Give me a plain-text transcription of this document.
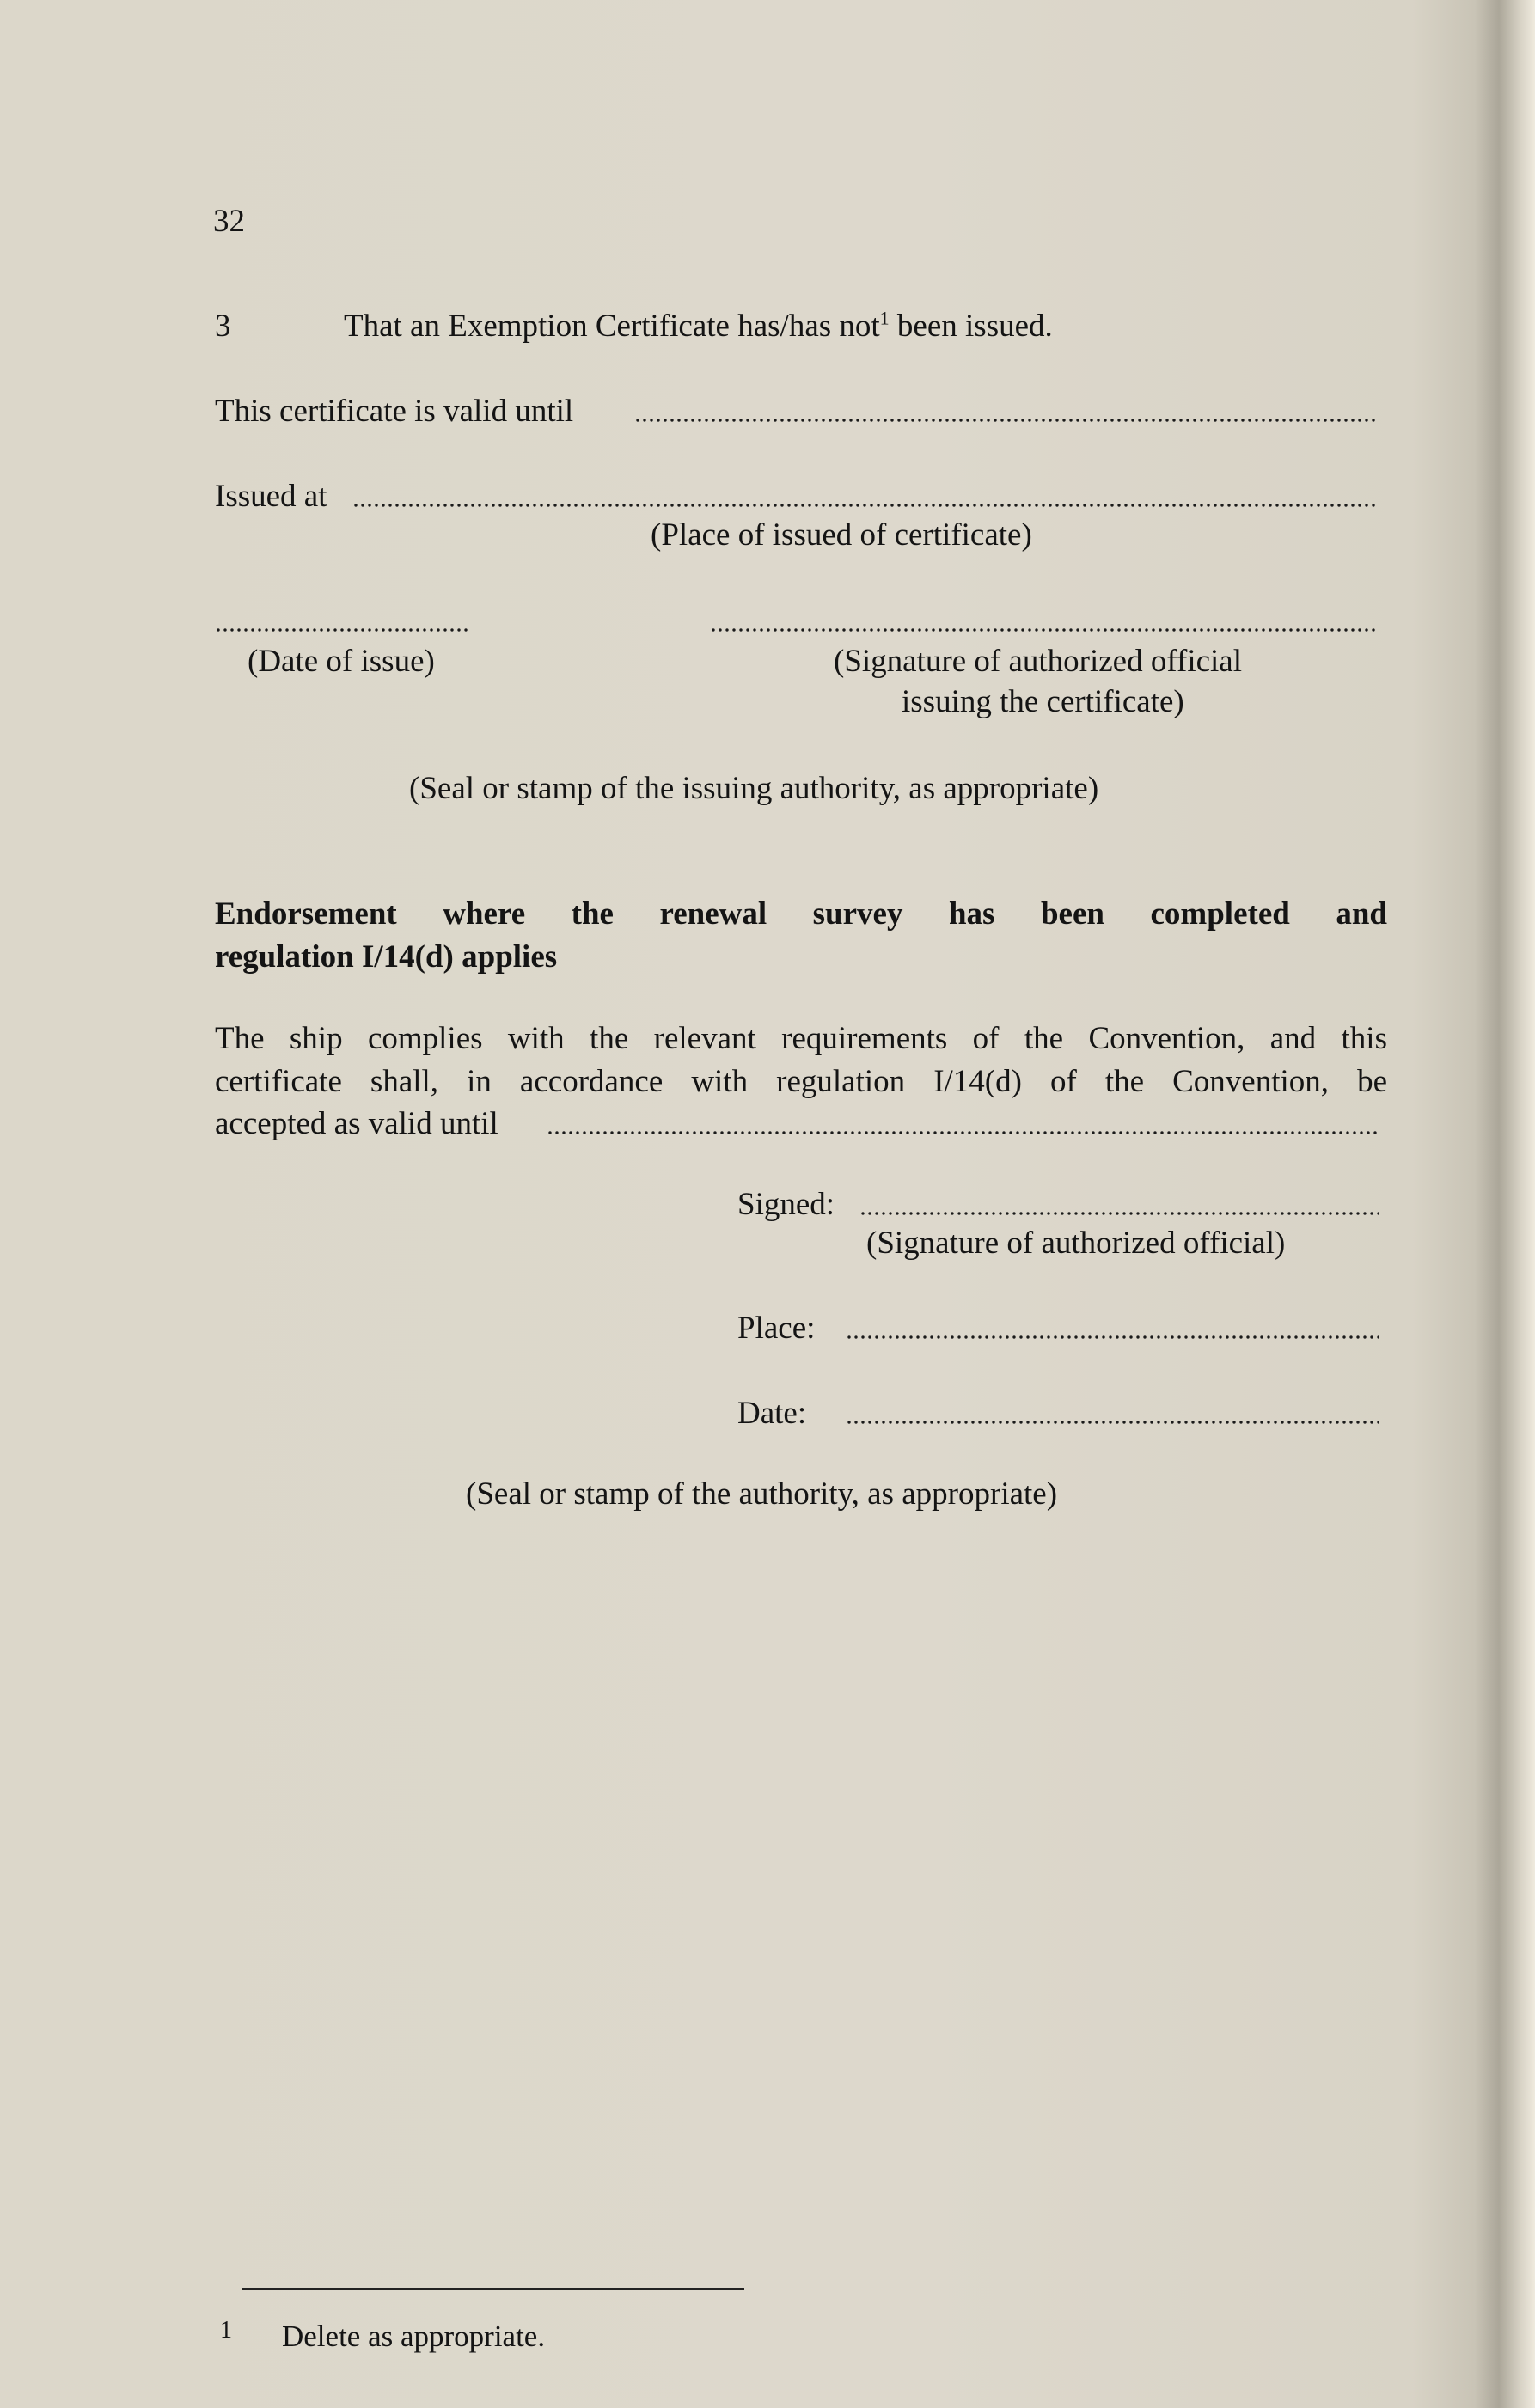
32
3	That an Exemption Certificate has/has not$^1$ been issued.
This certificate is valid until
Issued at
(Place of issued of certificate)
(Date of issue)	(Signature of authorized official
issuing the certificate)
(Seal or stamp of the issuing authority, as appropriate)
Endorsement where the renewal survey has been completed and
regulation I/14(d) applies
The ship complies with the relevant requirements of the Convention, and this
certificate shall, in accordance with regulation I/14(d) of the Convention, be
accepted as valid until
Signed:
(Signature of authorized official)
Place:
Date:
(Seal or stamp of the authority, as appropriate)
1 Delete as appropriate.
